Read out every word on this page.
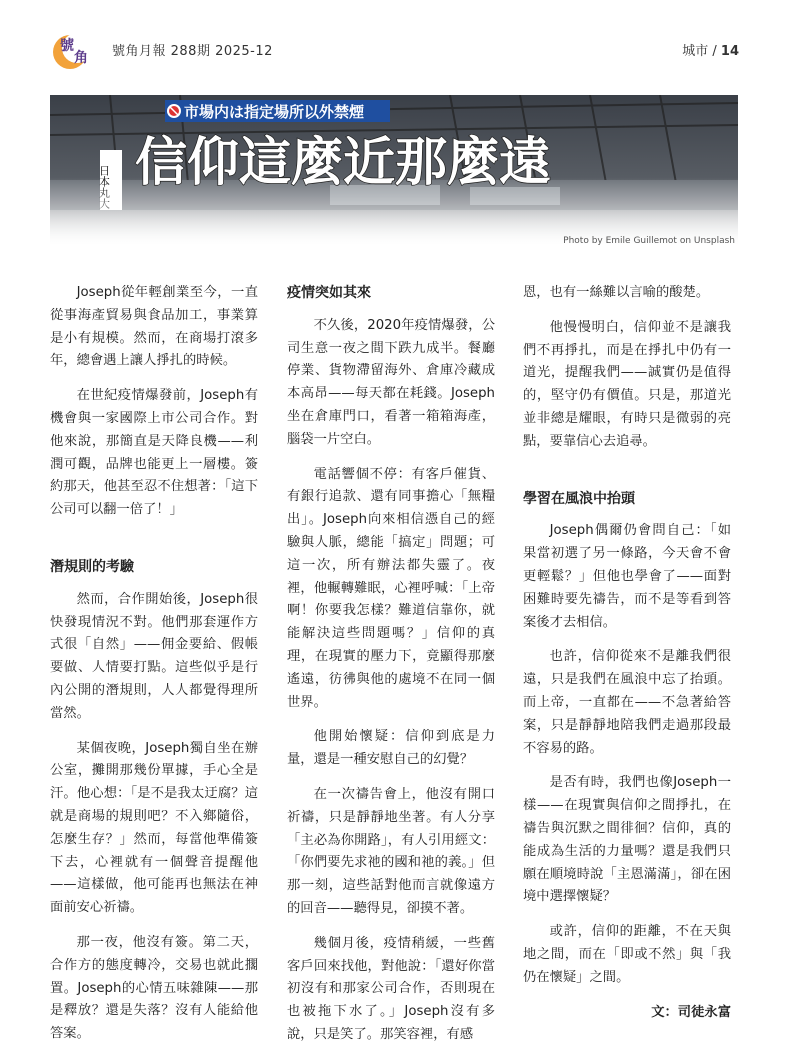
號
角 號角月報 288期 2025-12	城市 / 14
信仰這麼近那麼遠
Photo by Emile Guillemot on Unsplash

Joseph從年輕創業至今，一直從事海產貿易與食品加工，事業算是小有規模。然而，在商場打滾多年，總會遇上讓人掙扎的時候。

在世紀疫情爆發前，Joseph有機會與一家國際上市公司合作。對他來說，那簡直是天降良機——利潤可觀，品牌也能更上一層樓。簽約那天，他甚至忍不住想著：「這下公司可以翻一倍了！」

潛規則的考驗

然而，合作開始後，Joseph很快發現情況不對。他們那套運作方式很「自然」——佣金要給、假帳要做、人情要打點。這些似乎是行內公開的潛規則，人人都覺得理所當然。

某個夜晚，Joseph獨自坐在辦公室，攤開那幾份單據，手心全是汗。他心想：「是不是我太迂腐？這就是商場的規則吧？不入鄉隨俗，怎麼生存？」然而，每當他準備簽下去，心裡就有一個聲音提醒他——這樣做，他可能再也無法在神面前安心祈禱。

那一夜，他沒有簽。第二天，合作方的態度轉冷，交易也就此擱置。Joseph的心情五味雜陳——那是釋放？還是失落？沒有人能給他答案。

疫情突如其來

不久後，2020年疫情爆發，公司生意一夜之間下跌九成半。餐廳停業、貨物滯留海外、倉庫冷藏成本高昂——每天都在耗錢。Joseph坐在倉庫門口，看著一箱箱海產，腦袋一片空白。

電話響個不停：有客戶催貨、有銀行追款、還有同事擔心「無糧出」。Joseph向來相信憑自己的經驗與人脈，總能「搞定」問題；可這一次，所有辦法都失靈了。夜裡，他輾轉難眠，心裡呼喊：「上帝啊！你要我怎樣？難道信靠你，就能解決這些問題嗎？」信仰的真理，在現實的壓力下，竟顯得那麼遙遠，彷彿與他的處境不在同一個世界。

他開始懷疑：信仰到底是力量，還是一種安慰自己的幻覺？

在一次禱告會上，他沒有開口祈禱，只是靜靜地坐著。有人分享「主必為你開路」，有人引用經文：「你們要先求祂的國和祂的義。」但那一刻，這些話對他而言就像遠方的回音——聽得見，卻摸不著。

幾個月後，疫情稍緩，一些舊客戶回來找他，對他說：「還好你當初沒有和那家公司合作，否則現在也被拖下水了。」Joseph沒有多說，只是笑了。那笑容裡，有感

恩，也有一絲難以言喻的酸楚。

他慢慢明白，信仰並不是讓我們不再掙扎，而是在掙扎中仍有一道光，提醒我們——誠實仍是值得的，堅守仍有價值。只是，那道光並非總是耀眼，有時只是微弱的亮點，要靠信心去追尋。

學習在風浪中抬頭

Joseph偶爾仍會問自己：「如果當初選了另一條路，今天會不會更輕鬆？」但他也學會了——面對困難時要先禱告，而不是等看到答案後才去相信。

也許，信仰從來不是離我們很遠，只是我們在風浪中忘了抬頭。而上帝，一直都在——不急著給答案，只是靜靜地陪我們走過那段最不容易的路。

是否有時，我們也像Joseph一樣——在現實與信仰之間掙扎，在禱告與沉默之間徘徊？信仰，真的能成為生活的力量嗎？還是我們只願在順境時說「主恩滿滿」，卻在困境中選擇懷疑？

或許，信仰的距離，不在天與地之間，而在「即或不然」與「我仍在懷疑」之間。

文：司徒永富
